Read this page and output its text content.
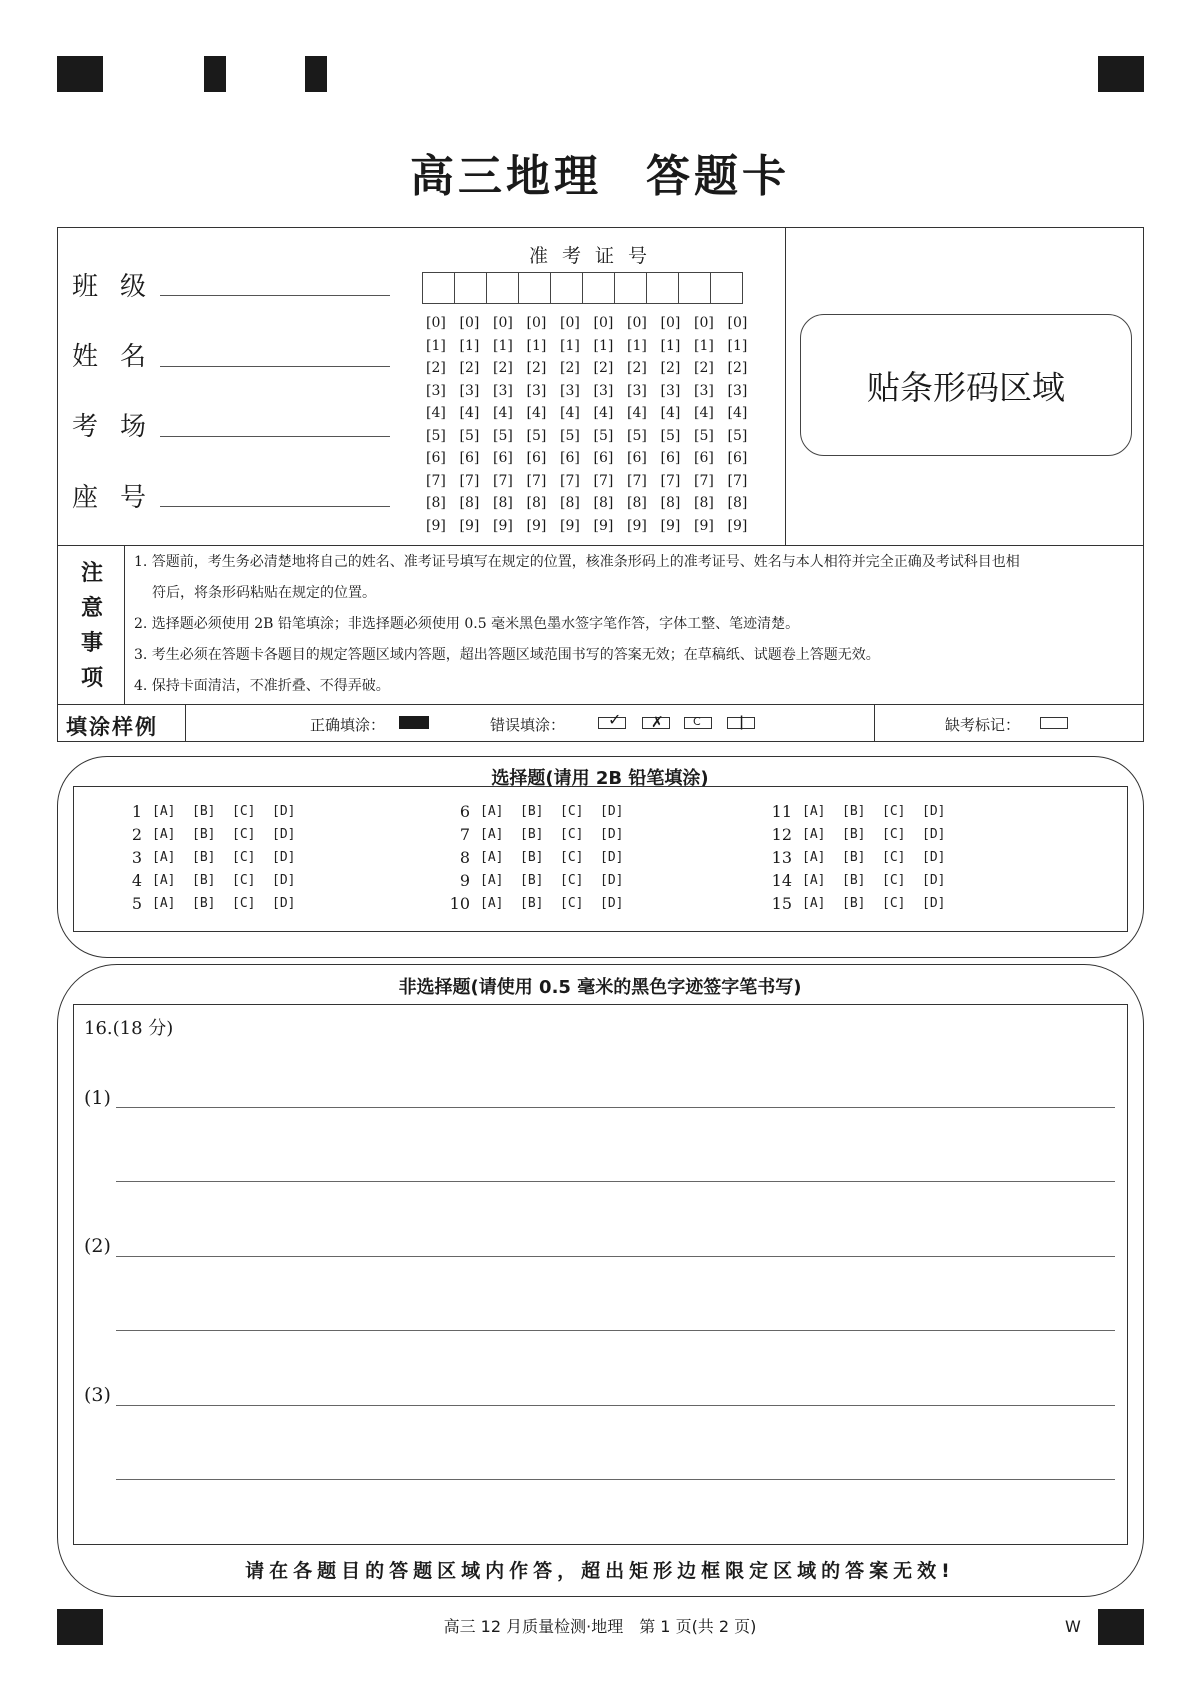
高三地理 答题卡
班级
姓名
考场
座号
准考证号
[0] [0] [0] [0] [0] [0] [0] [0] [0] [0]
[1] [1] [1] [1] [1] [1] [1] [1] [1] [1]
[2] [2] [2] [2] [2] [2] [2] [2] [2] [2]
[3] [3] [3] [3] [3] [3] [3] [3] [3] [3]
[4] [4] [4] [4] [4] [4] [4] [4] [4] [4]
[5] [5] [5] [5] [5] [5] [5] [5] [5] [5]
[6] [6] [6] [6] [6] [6] [6] [6] [6] [6]
[7] [7] [7] [7] [7] [7] [7] [7] [7] [7]
[8] [8] [8] [8] [8] [8] [8] [8] [8] [8]
[9] [9] [9] [9] [9] [9] [9] [9] [9] [9]
贴条形码区域
注
意
事
项
1. 答题前，考生务必清楚地将自己的姓名、准考证号填写在规定的位置，核准条形码上的准考证号、姓名与本人相符并完全正确及考试科目也相
符后，将条形码粘贴在规定的位置。
2. 选择题必须使用 2B 铅笔填涂；非选择题必须使用 0.5 毫米黑色墨水签字笔作答，字体工整、笔迹清楚。
3. 考生必须在答题卡各题目的规定答题区域内答题，超出答题区域范围书写的答案无效；在草稿纸、试题卷上答题无效。
4. 保持卡面清洁，不准折叠、不得弄破。
填涂样例	正确填涂：	错误填涂：	✓ ✗	C	|	缺考标记：
选择题(请用 2B 铅笔填涂)
1 [A]	[B]	[C]	[D]
2 [A]	[B]	[C]	[D]
3 [A]	[B]	[C]	[D]
4 [A]	[B]	[C]	[D]
5 [A]	[B]	[C]	[D]
6 [A]	[B]	[C]	[D]
7 [A]	[B]	[C]	[D]
8 [A]	[B]	[C]	[D]
9 [A]	[B]	[C]	[D]
10 [A]	[B]	[C]	[D]
11 [A]	[B]	[C]	[D]
12 [A]	[B]	[C]	[D]
13 [A]	[B]	[C]	[D]
14 [A]	[B]	[C]	[D]
15 [A]	[B]	[C]	[D]
非选择题(请使用 0.5 毫米的黑色字迹签字笔书写)
16.(18 分)
(1)
(2)
(3)
请在各题目的答题区域内作答，超出矩形边框限定区域的答案无效!
高三 12 月质量检测·地理　第 1 页(共 2 页)	W
